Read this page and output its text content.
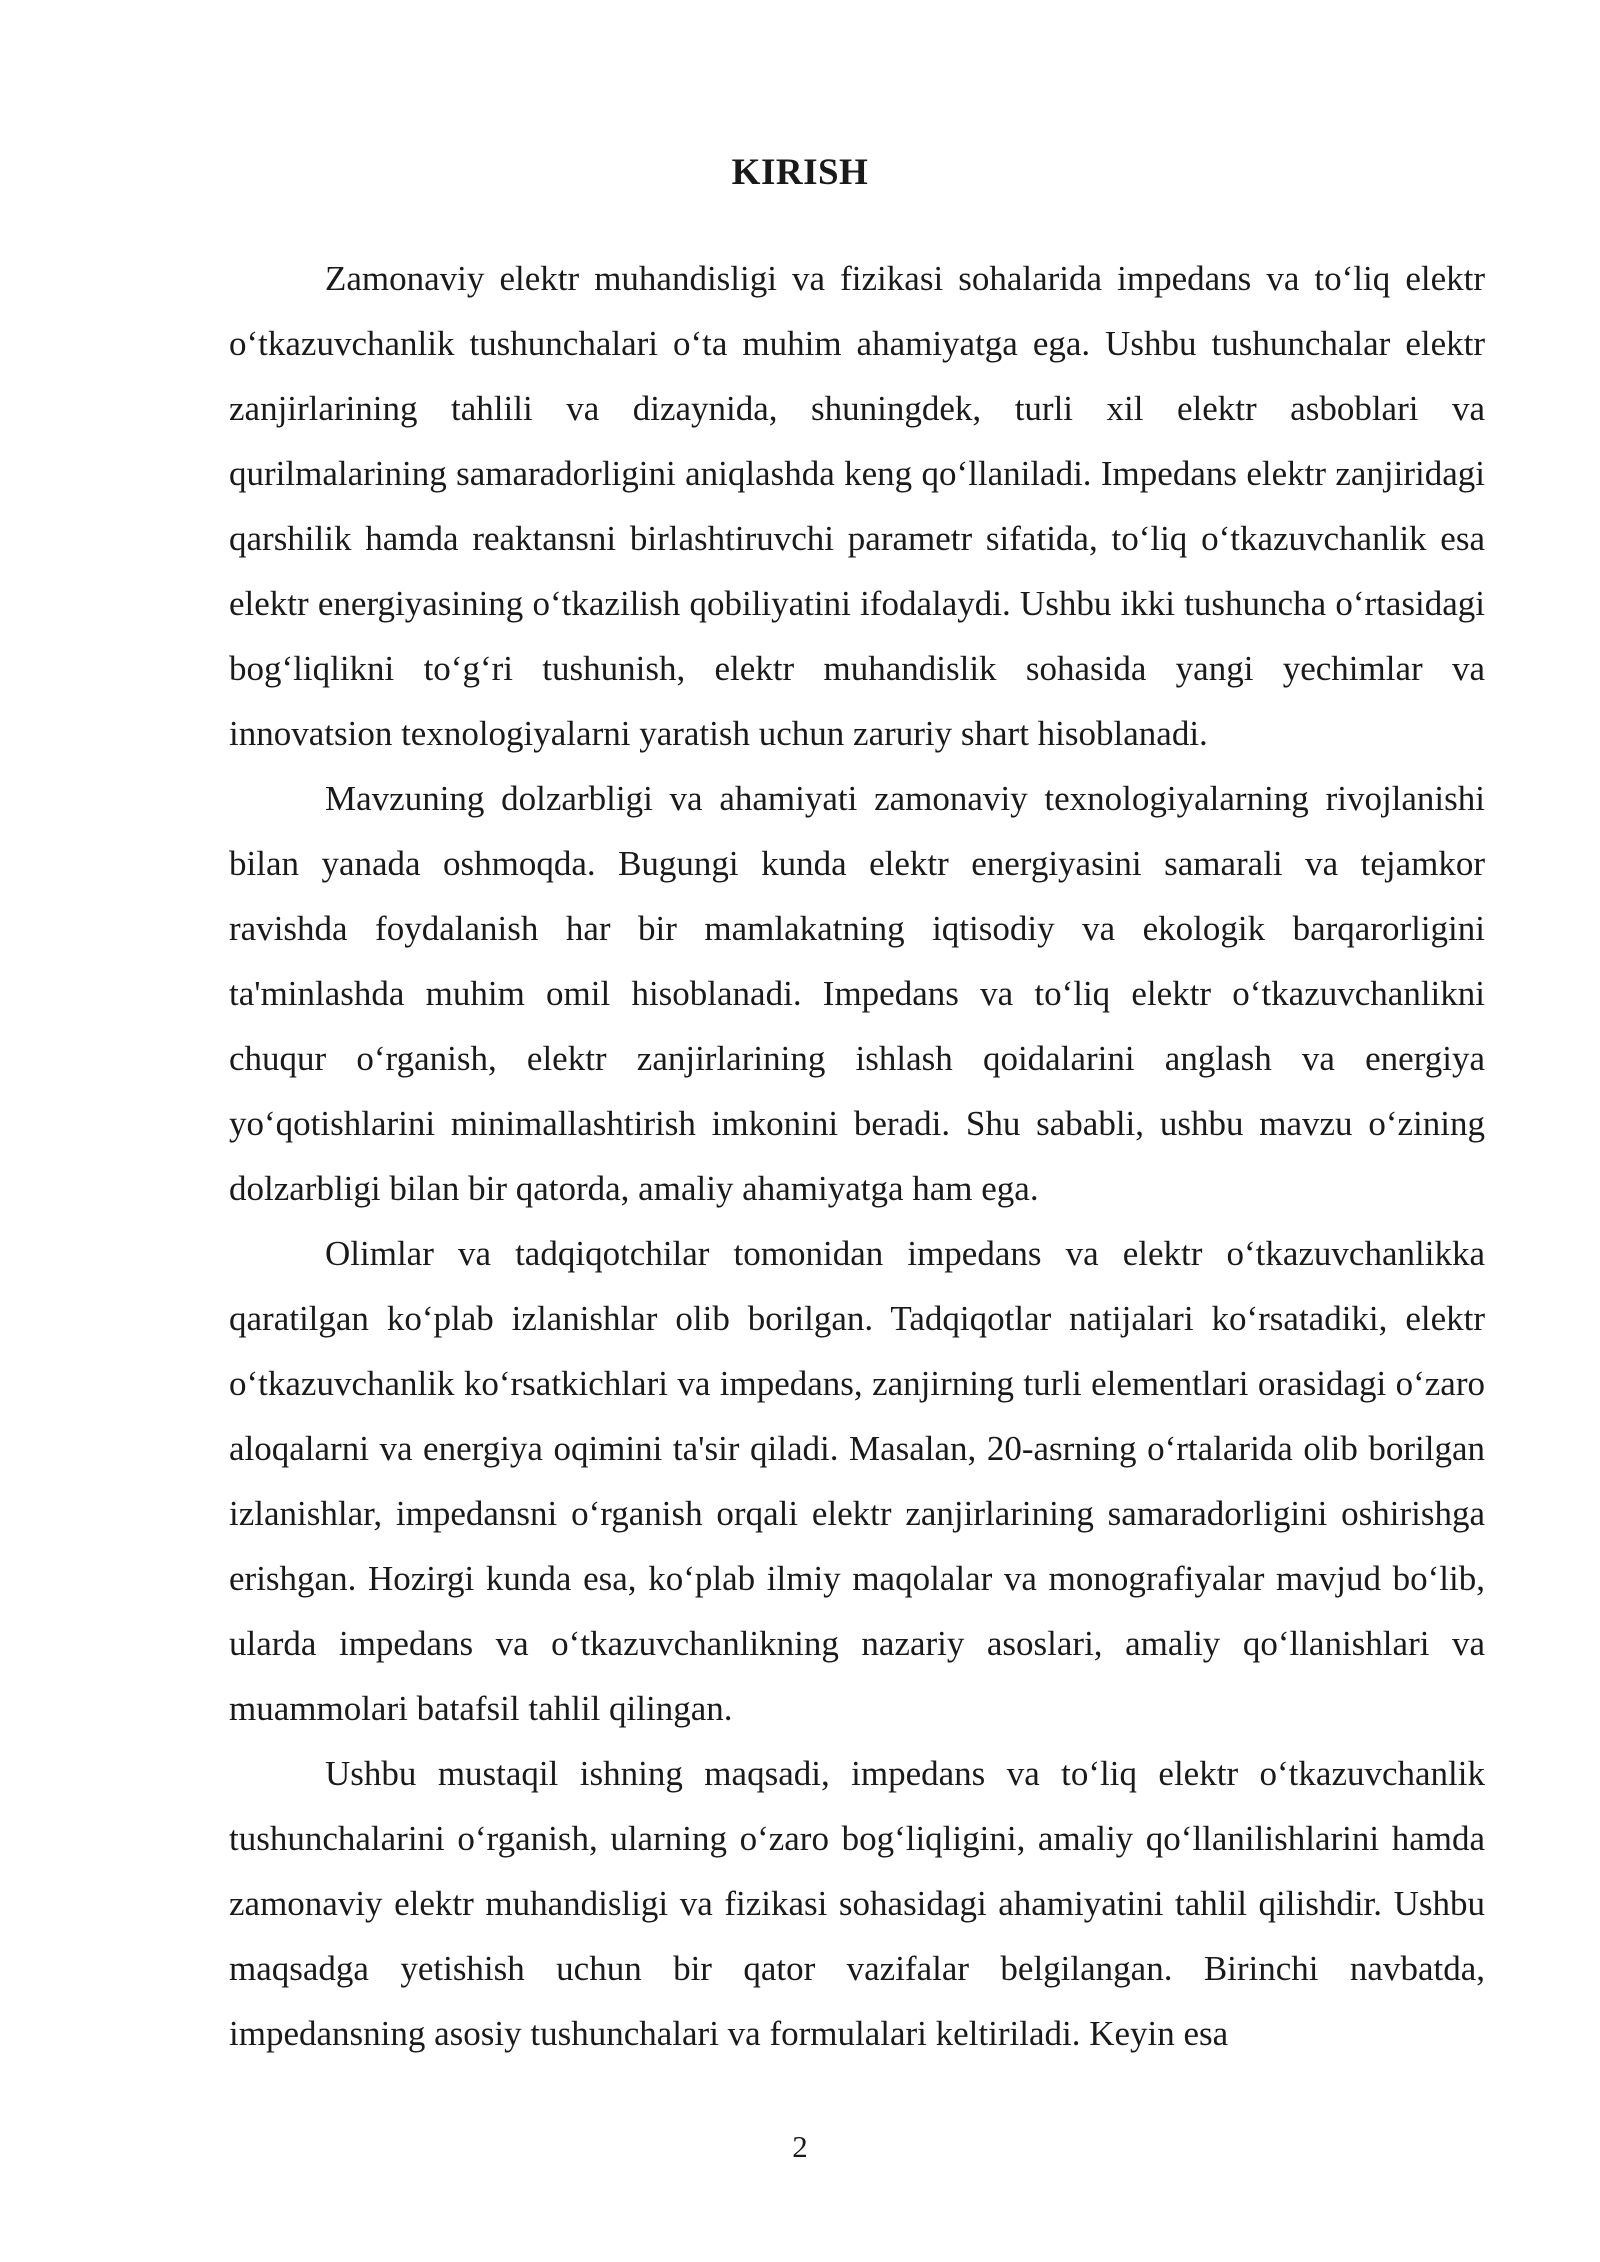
KIRISH

Zamonaviy elektr muhandisligi va fizikasi sohalarida impedans va toʻliq elektr oʻtkazuvchanlik tushunchalari oʻta muhim ahamiyatga ega. Ushbu tushunchalar elektr zanjirlarining tahlili va dizaynida, shuningdek, turli xil elektr asboblari va qurilmalarining samaradorligini aniqlashda keng qoʻllaniladi. Impedans elektr zanjiridagi qarshilik hamda reaktansni birlashtiruvchi parametr sifatida, toʻliq oʻtkazuvchanlik esa elektr energiyasining oʻtkazilish qobiliyatini ifodalaydi. Ushbu ikki tushuncha oʻrtasidagi bogʻliqlikni toʻgʻri tushunish, elektr muhandislik sohasida yangi yechimlar va innovatsion texnologiyalarni yaratish uchun zaruriy shart hisoblanadi.

Mavzuning dolzarbligi va ahamiyati zamonaviy texnologiyalarning rivojlanishi bilan yanada oshmoqda. Bugungi kunda elektr energiyasini samarali va tejamkor ravishda foydalanish har bir mamlakatning iqtisodiy va ekologik barqarorligini ta'minlashda muhim omil hisoblanadi. Impedans va toʻliq elektr oʻtkazuvchanlikni chuqur oʻrganish, elektr zanjirlarining ishlash qoidalarini anglash va energiya yoʻqotishlarini minimallashtirish imkonini beradi. Shu sababli, ushbu mavzu oʻzining dolzarbligi bilan bir qatorda, amaliy ahamiyatga ham ega.

Olimlar va tadqiqotchilar tomonidan impedans va elektr oʻtkazuvchanlikka qaratilgan koʻplab izlanishlar olib borilgan. Tadqiqotlar natijalari koʻrsatadiki, elektr oʻtkazuvchanlik koʻrsatkichlari va impedans, zanjirning turli elementlari orasidagi oʻzaro aloqalarni va energiya oqimini ta'sir qiladi. Masalan, 20-asrning oʻrtalarida olib borilgan izlanishlar, impedansni oʻrganish orqali elektr zanjirlarining samaradorligini oshirishga erishgan. Hozirgi kunda esa, koʻplab ilmiy maqolalar va monografiyalar mavjud boʻlib, ularda impedans va oʻtkazuvchanlikning nazariy asoslari, amaliy qoʻllanishlari va muammolari batafsil tahlil qilingan.

Ushbu mustaqil ishning maqsadi, impedans va toʻliq elektr oʻtkazuvchanlik tushunchalarini oʻrganish, ularning oʻzaro bogʻliqligini, amaliy qoʻllanilishlarini hamda zamonaviy elektr muhandisligi va fizikasi sohasidagi ahamiyatini tahlil qilishdir. Ushbu maqsadga yetishish uchun bir qator vazifalar belgilangan. Birinchi navbatda, impedansning asosiy tushunchalari va formulalari keltiriladi. Keyin esa

2
